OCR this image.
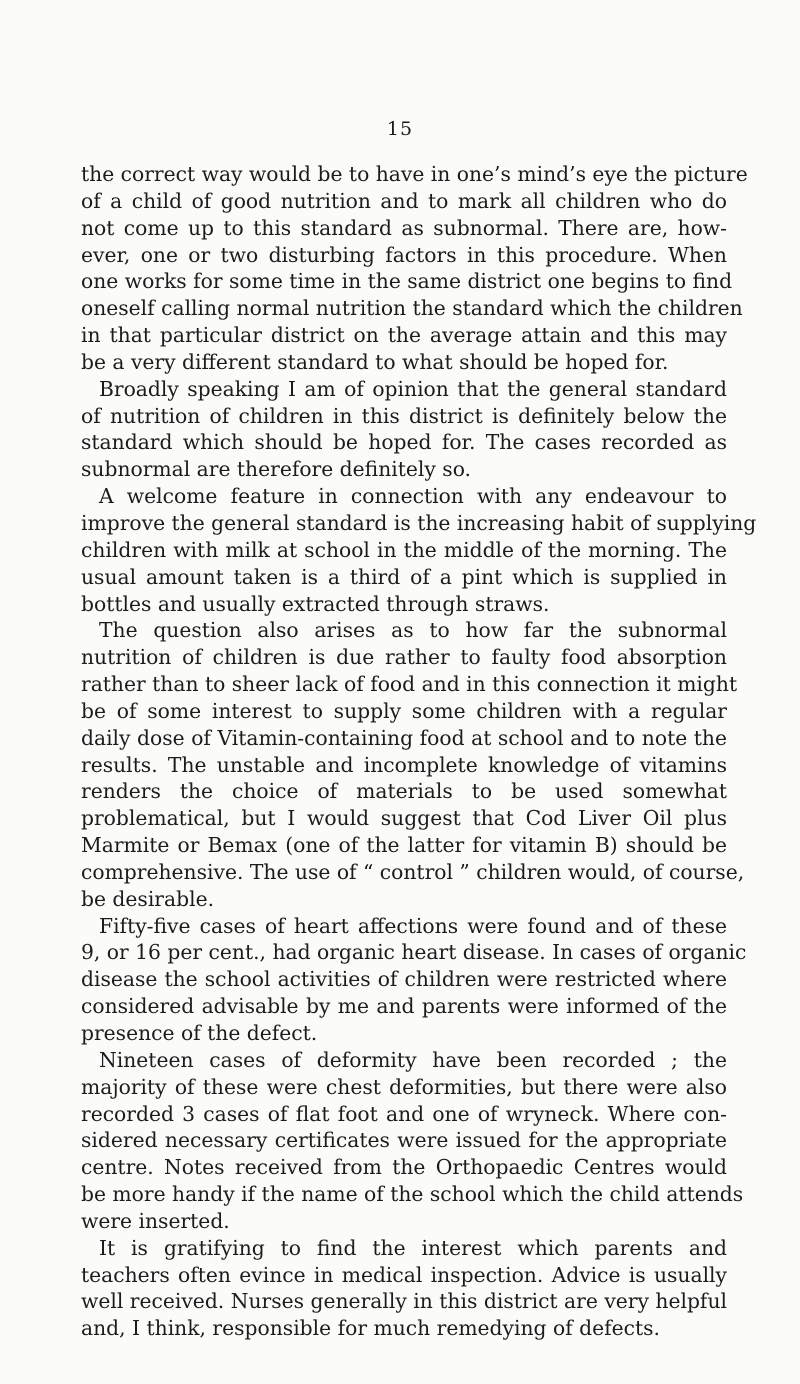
15
the correct way would be to have in one’s mind’s eye the picture
of a child of good nutrition and to mark all children who do
not come up to this standard as subnormal. There are, how-
ever, one or two disturbing factors in this procedure. When
one works for some time in the same district one begins to find
oneself calling normal nutrition the standard which the children
in that particular district on the average attain and this may
be a very different standard to what should be hoped for.
Broadly speaking I am of opinion that the general standard
of nutrition of children in this district is definitely below the
standard which should be hoped for. The cases recorded as
subnormal are therefore definitely so.
A welcome feature in connection with any endeavour to
improve the general standard is the increasing habit of supplying
children with milk at school in the middle of the morning. The
usual amount taken is a third of a pint which is supplied in
bottles and usually extracted through straws.
The question also arises as to how far the subnormal
nutrition of children is due rather to faulty food absorption
rather than to sheer lack of food and in this connection it might
be of some interest to supply some children with a regular
daily dose of Vitamin-containing food at school and to note the
results. The unstable and incomplete knowledge of vitamins
renders the choice of materials to be used somewhat
problematical, but I would suggest that Cod Liver Oil plus
Marmite or Bemax (one of the latter for vitamin B) should be
comprehensive. The use of “ control ” children would, of course,
be desirable.
Fifty-five cases of heart affections were found and of these
9, or 16 per cent., had organic heart disease. In cases of organic
disease the school activities of children were restricted where
considered advisable by me and parents were informed of the
presence of the defect.
Nineteen cases of deformity have been recorded ; the
majority of these were chest deformities, but there were also
recorded 3 cases of flat foot and one of wryneck. Where con-
sidered necessary certificates were issued for the appropriate
centre. Notes received from the Orthopaedic Centres would
be more handy if the name of the school which the child attends
were inserted.
It is gratifying to find the interest which parents and
teachers often evince in medical inspection. Advice is usually
well received. Nurses generally in this district are very helpful
and, I think, responsible for much remedying of defects.
